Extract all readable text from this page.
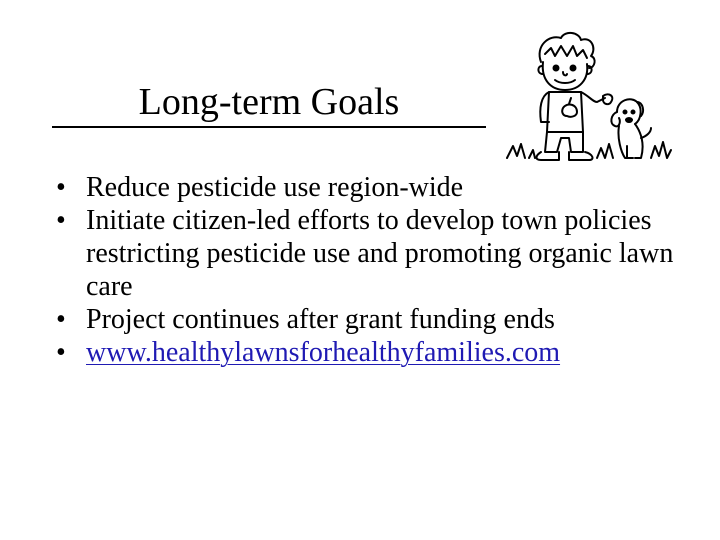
Long-term Goals
• Reduce pesticide use region-wide
• Initiate citizen-led efforts to develop town policies restricting pesticide use and promoting organic lawn care
• Project continues after grant funding ends
• www.healthylawnsforhealthyfamilies.com
